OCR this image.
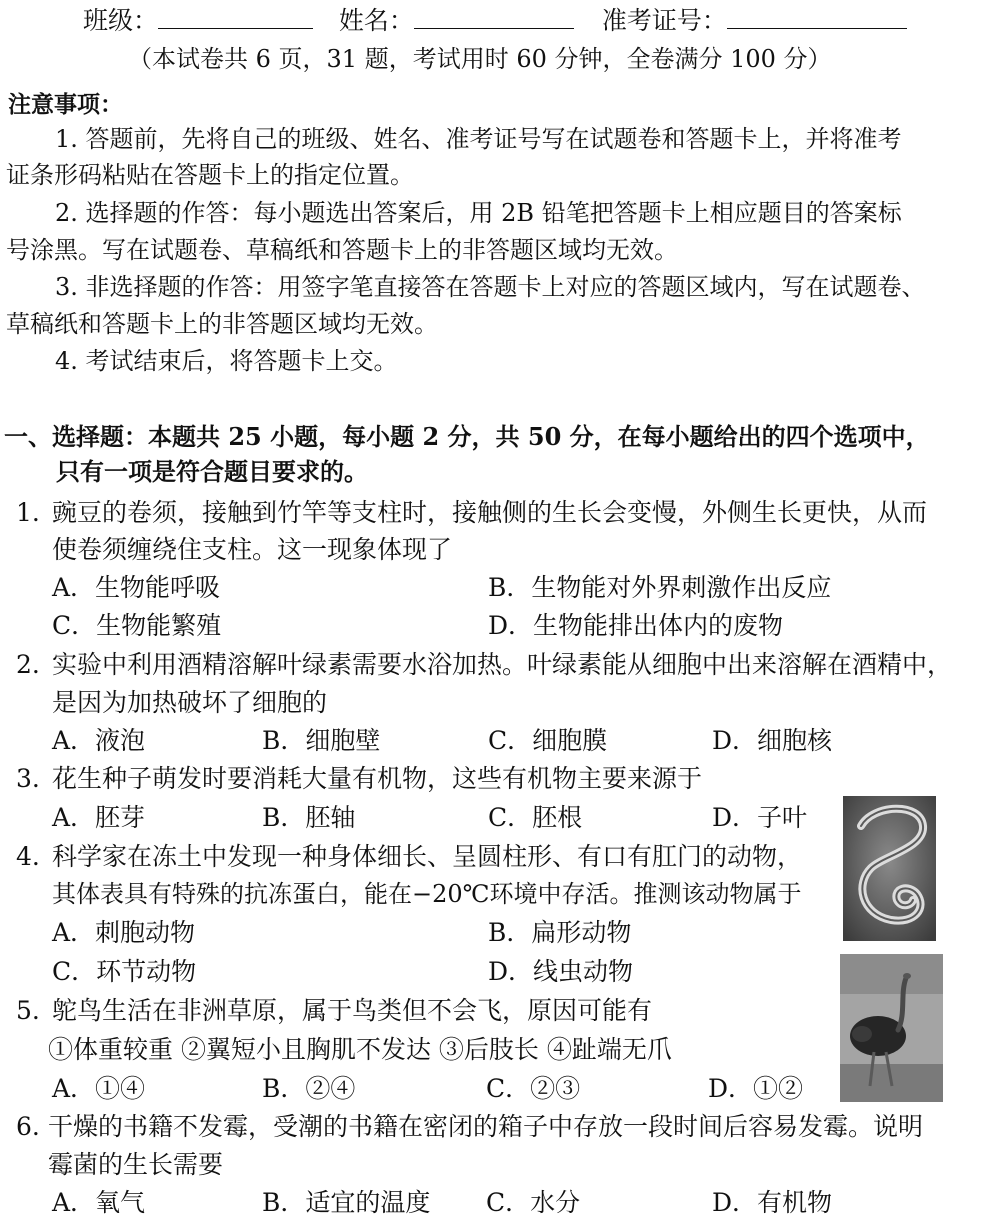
班级：	姓名：	准考证号：
（本试卷共 6 页，31 题，考试用时 60 分钟，全卷满分 100 分）
注意事项：
1. 答题前，先将自己的班级、姓名、准考证号写在试题卷和答题卡上，并将准考
证条形码粘贴在答题卡上的指定位置。
2. 选择题的作答：每小题选出答案后，用 2B 铅笔把答题卡上相应题目的答案标
号涂黑。写在试题卷、草稿纸和答题卡上的非答题区域均无效。
3. 非选择题的作答：用签字笔直接答在答题卡上对应的答题区域内，写在试题卷、
草稿纸和答题卡上的非答题区域均无效。
4. 考试结束后，将答题卡上交。
一、选择题：本题共 25 小题，每小题 2 分，共 50 分，在每小题给出的四个选项中，
只有一项是符合题目要求的。
1. 豌豆的卷须，接触到竹竿等支柱时，接触侧的生长会变慢，外侧生长更快，从而
使卷须缠绕住支柱。这一现象体现了
A．生物能呼吸	B．生物能对外界刺激作出反应
C．生物能繁殖	D．生物能排出体内的废物
2. 实验中利用酒精溶解叶绿素需要水浴加热。叶绿素能从细胞中出来溶解在酒精中，
是因为加热破坏了细胞的
A．液泡	B．细胞壁	C．细胞膜	D．细胞核
3. 花生种子萌发时要消耗大量有机物，这些有机物主要来源于
A．胚芽	B．胚轴	C．胚根	D．子叶
4. 科学家在冻土中发现一种身体细长、呈圆柱形、有口有肛门的动物，
其体表具有特殊的抗冻蛋白，能在−20℃环境中存活。推测该动物属于
A．刺胞动物	B．扁形动物
C．环节动物	D．线虫动物
5. 鸵鸟生活在非洲草原，属于鸟类但不会飞，原因可能有
①体重较重 ②翼短小且胸肌不发达 ③后肢长 ④趾端无爪
A．①④	B．②④	C．②③	D．①②
6. 干燥的书籍不发霉，受潮的书籍在密闭的箱子中存放一段时间后容易发霉。说明
霉菌的生长需要
A．氧气	B．适宜的温度 C．水分	D．有机物
